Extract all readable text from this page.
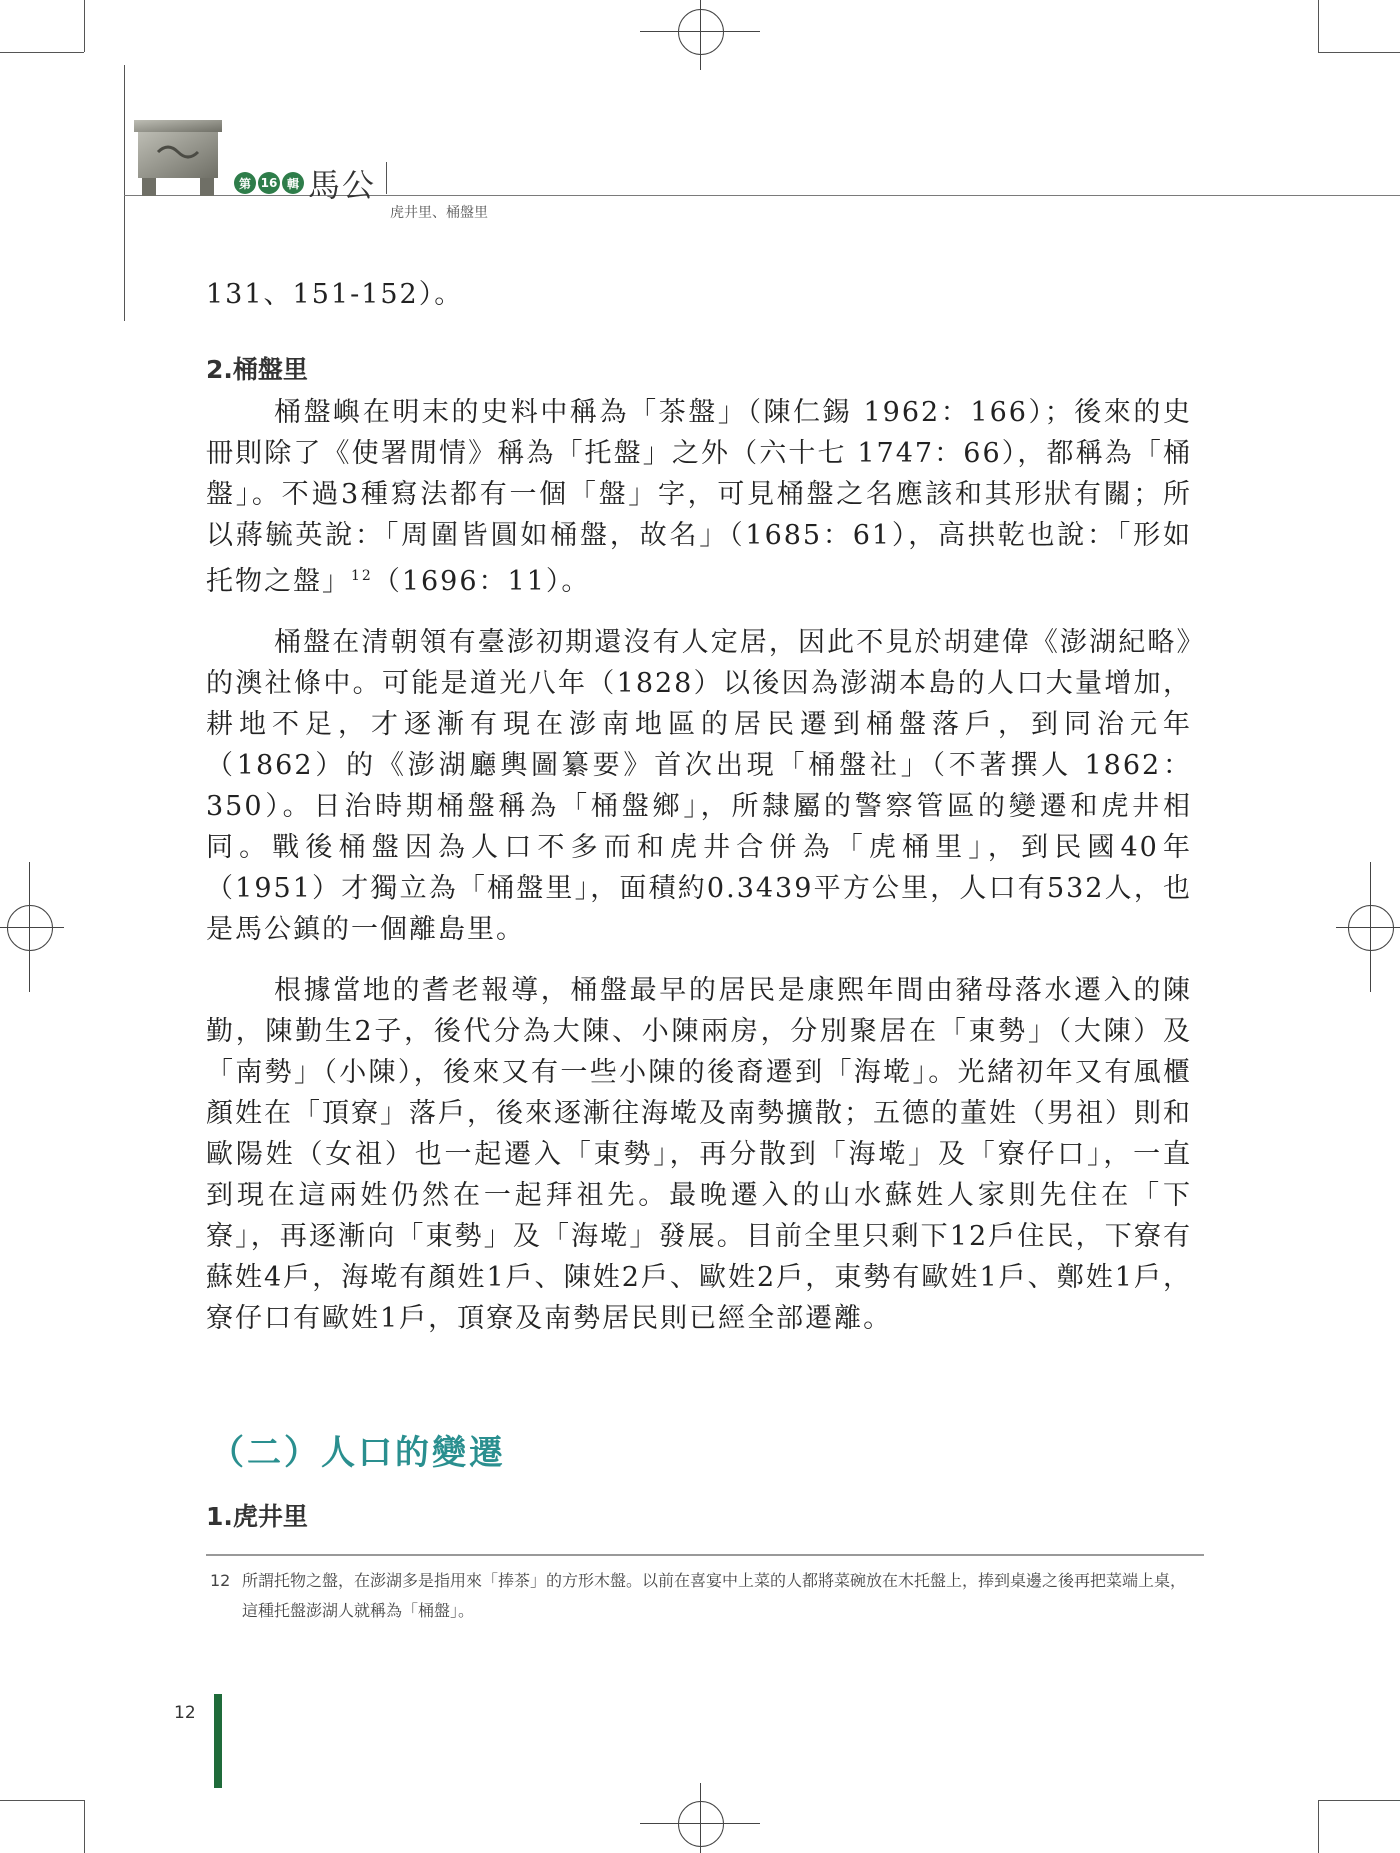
第 16 輯 馬公
虎井里、桶盤里
131、151-152）。
2.桶盤里

桶盤嶼在明末的史料中稱為「茶盤」（陳仁錫 1962：166）；後來的史冊則除了《使署閒情》稱為「托盤」之外（六十七 1747：66），都稱為「桶盤」。不過3種寫法都有一個「盤」字，可見桶盤之名應該和其形狀有關；所以蔣毓英說：「周圍皆圓如桶盤，故名」（1685：61），高拱乾也說：「形如托物之盤」$^{12}$（1696：11）。

桶盤在清朝領有臺澎初期還沒有人定居，因此不見於胡建偉《澎湖紀略》的澳社條中。可能是道光八年（1828）以後因為澎湖本島的人口大量增加，耕地不足，才逐漸有現在澎南地區的居民遷到桶盤落戶，到同治元年（1862）的《澎湖廳輿圖纂要》首次出現「桶盤社」（不著撰人 1862：350）。日治時期桶盤稱為「桶盤鄉」，所隸屬的警察管區的變遷和虎井相同。戰後桶盤因為人口不多而和虎井合併為「虎桶里」，到民國40年（1951）才獨立為「桶盤里」，面積約0.3439平方公里，人口有532人，也是馬公鎮的一個離島里。

根據當地的耆老報導，桶盤最早的居民是康熙年間由豬母落水遷入的陳勤，陳勤生2子，後代分為大陳、小陳兩房，分別聚居在「東勢」（大陳）及「南勢」（小陳），後來又有一些小陳的後裔遷到「海墘」。光緒初年又有風櫃顏姓在「頂寮」落戶，後來逐漸往海墘及南勢擴散；五德的董姓（男祖）則和歐陽姓（女祖）也一起遷入「東勢」，再分散到「海墘」及「寮仔口」，一直到現在這兩姓仍然在一起拜祖先。最晚遷入的山水蘇姓人家則先住在「下寮」，再逐漸向「東勢」及「海墘」發展。目前全里只剩下12戶住民，下寮有蘇姓4戶，海墘有顏姓1戶、陳姓2戶、歐姓2戶，東勢有歐姓1戶、鄭姓1戶，寮仔口有歐姓1戶，頂寮及南勢居民則已經全部遷離。

（二）人口的變遷
1.虎井里
12 所謂托物之盤，在澎湖多是指用來「捧茶」的方形木盤。以前在喜宴中上菜的人都將菜碗放在木托盤上，捧到桌邊之後再把菜端上桌，這種托盤澎湖人就稱為「桶盤」。
12
